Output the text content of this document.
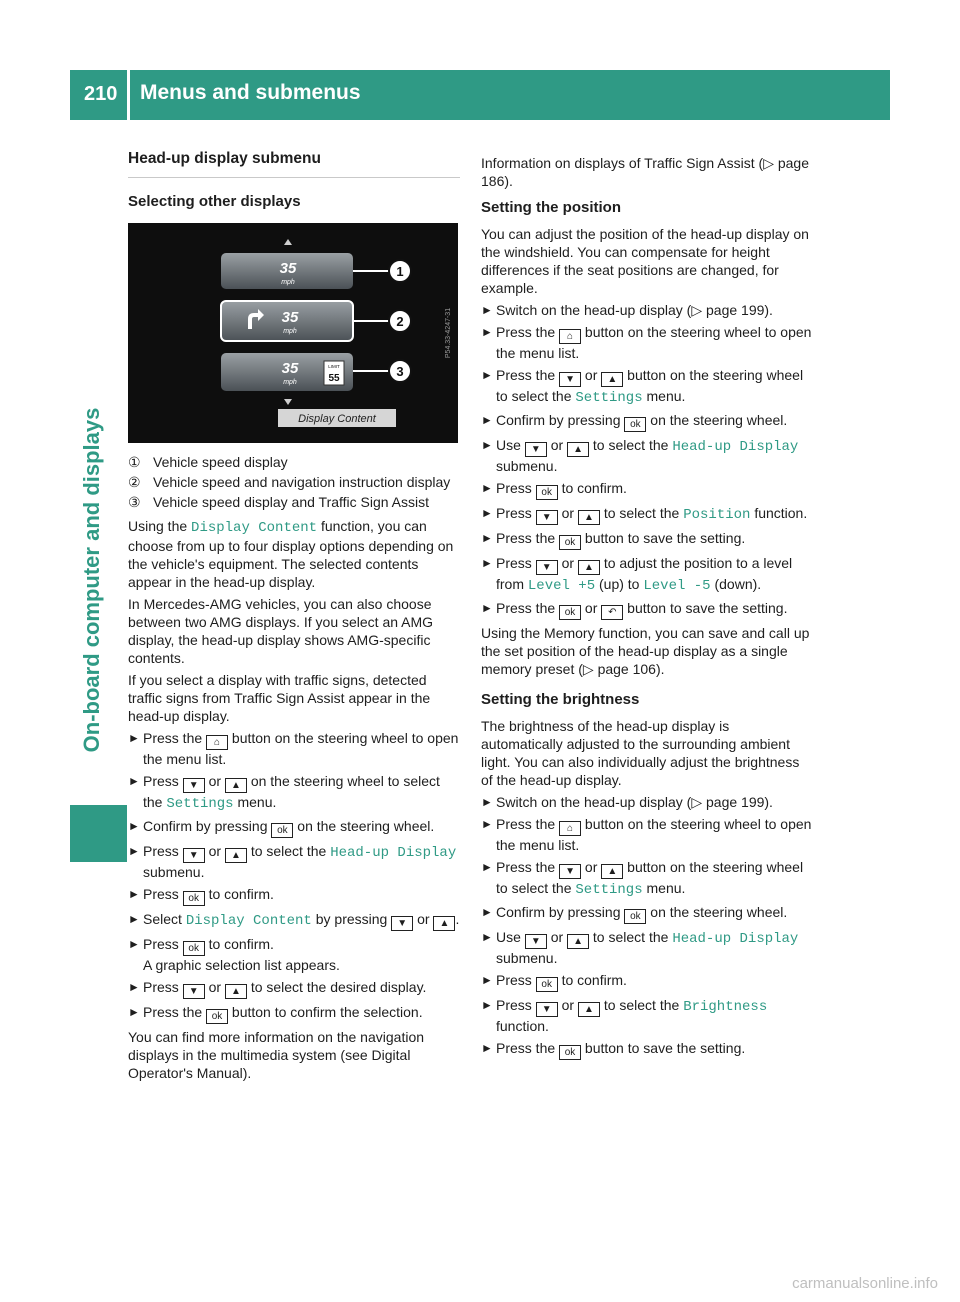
210 Menus and submenus
On-board computer and displays
Head-up display submenu
Selecting other displays
35
mph
35
mph
35
mph
LIMIT
55
Display Content
1
2
3
P54.33-4247-31
① Vehicle speed display
② Vehicle speed and navigation instruction display
③ Vehicle speed display and Traffic Sign Assist

Using the Display Content function, you can choose from up to four display options depending on the vehicle's equipment. The selected contents appear in the head-up display.

In Mercedes-AMG vehicles, you can also choose between two AMG displays. If you select an AMG display, the head-up display shows AMG-specific contents.

If you select a display with traffic signs, detected traffic signs from Traffic Sign Assist appear in the head-up display.

► Press the ⌂ button on the steering wheel to open the menu list.
► Press ▼ or ▲ on the steering wheel to select the Settings menu.
► Confirm by pressing ok on the steering wheel.
► Press ▼ or ▲ to select the Head-up Display submenu.
► Press ok to confirm.
► Select Display Content by pressing ▼ or ▲ .
► Press ok to confirm.
A graphic selection list appears.
► Press ▼ or ▲ to select the desired display.
► Press the ok button to confirm the selection.

You can find more information on the navigation displays in the multimedia system (see Digital Operator's Manual).

Information on displays of Traffic Sign Assist (▷ page 186).

Setting the position

You can adjust the position of the head-up display on the windshield. You can compensate for height differences if the seat positions are changed, for example.

► Switch on the head-up display (▷ page 199).
► Press the ⌂ button on the steering wheel to open the menu list.
► Press the ▼ or ▲ button on the steering wheel to select the Settings menu.
► Confirm by pressing ok on the steering wheel.
► Use ▼ or ▲ to select the Head-up Display submenu.
► Press ok to confirm.
► Press ▼ or ▲ to select the Position function.
► Press the ok button to save the setting.
► Press ▼ or ▲ to adjust the position to a level from Level +5 (up) to Level -5 (down).
► Press the ok or ↶ button to save the setting.

Using the Memory function, you can save and call up the set position of the head-up display as a single memory preset (▷ page 106).

Setting the brightness

The brightness of the head-up display is automatically adjusted to the surrounding ambient light. You can also individually adjust the brightness of the head-up display.

► Switch on the head-up display (▷ page 199).
► Press the ⌂ button on the steering wheel to open the menu list.
► Press the ▼ or ▲ button on the steering wheel to select the Settings menu.
► Confirm by pressing ok on the steering wheel.
► Use ▼ or ▲ to select the Head-up Display submenu.
► Press ok to confirm.
► Press ▼ or ▲ to select the Brightness function.
► Press the ok button to save the setting.
carmanualsonline.info
